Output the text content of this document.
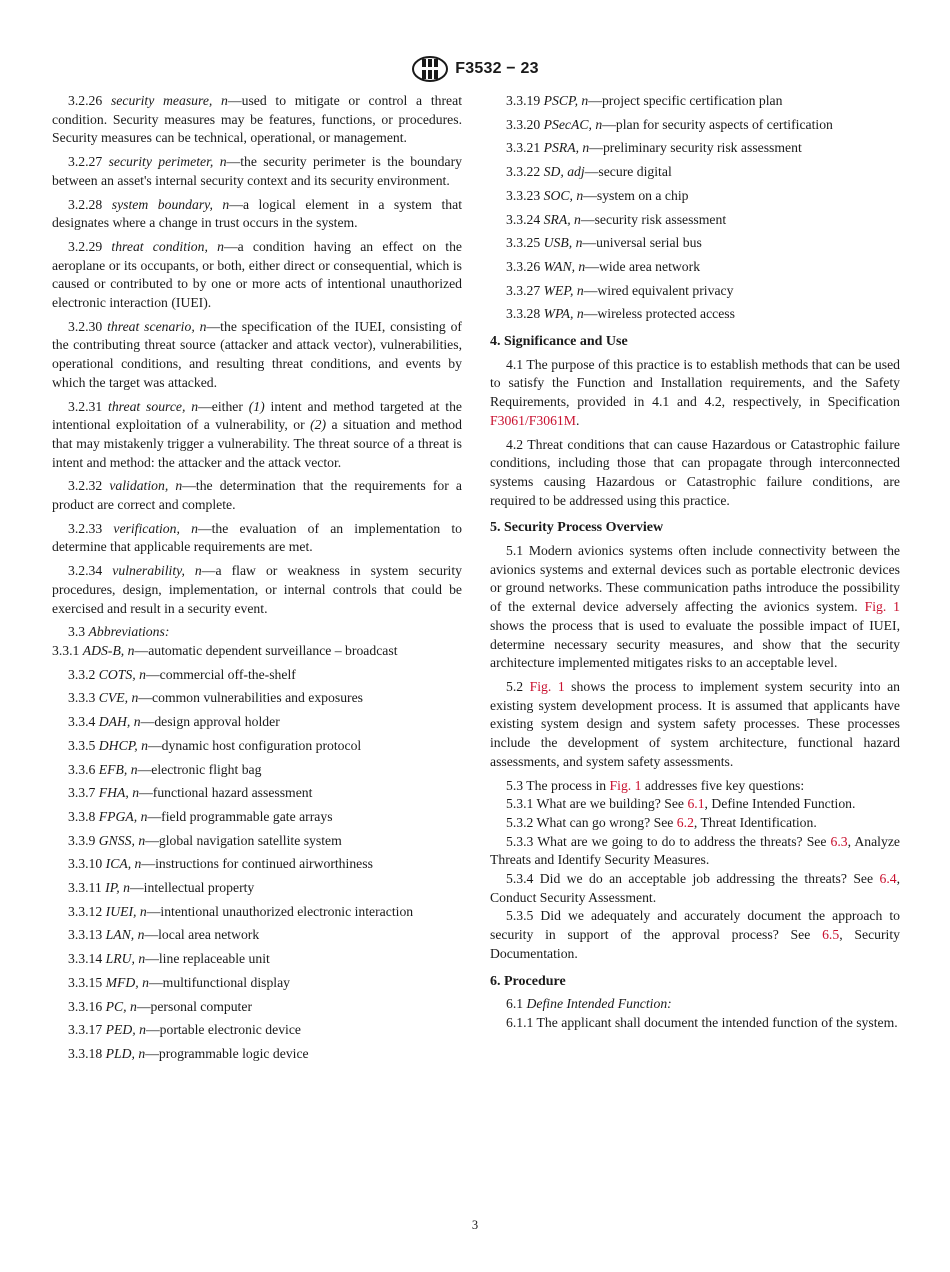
F3532 − 23

3.2.26 security measure, n—used to mitigate or control a threat condition. Security measures may be features, functions, or procedures. Security measures can be technical, operational, or management.

3.2.27 security perimeter, n—the security perimeter is the boundary between an asset's internal security context and its security environment.

3.2.28 system boundary, n—a logical element in a system that designates where a change in trust occurs in the system.

3.2.29 threat condition, n—a condition having an effect on the aeroplane or its occupants, or both, either direct or consequential, which is caused or contributed to by one or more acts of intentional unauthorized electronic interaction (IUEI).

3.2.30 threat scenario, n—the specification of the IUEI, consisting of the contributing threat source (attacker and attack vector), vulnerabilities, operational conditions, and resulting threat conditions, and events by which the target was attacked.

3.2.31 threat source, n—either (1) intent and method targeted at the intentional exploitation of a vulnerability, or (2) a situation and method that may mistakenly trigger a vulnerability. The threat source of a threat is intent and method: the attacker and the attack vector.

3.2.32 validation, n—the determination that the requirements for a product are correct and complete.

3.2.33 verification, n—the evaluation of an implementation to determine that applicable requirements are met.

3.2.34 vulnerability, n—a flaw or weakness in system security procedures, design, implementation, or internal controls that could be exercised and result in a security event.

3.3 Abbreviations:

3.3.1 ADS-B, n—automatic dependent surveillance – broadcast

3.3.2 COTS, n—commercial off-the-shelf

3.3.3 CVE, n—common vulnerabilities and exposures

3.3.4 DAH, n—design approval holder

3.3.5 DHCP, n—dynamic host configuration protocol

3.3.6 EFB, n—electronic flight bag

3.3.7 FHA, n—functional hazard assessment

3.3.8 FPGA, n—field programmable gate arrays

3.3.9 GNSS, n—global navigation satellite system

3.3.10 ICA, n—instructions for continued airworthiness

3.3.11 IP, n—intellectual property

3.3.12 IUEI, n—intentional unauthorized electronic interaction

3.3.13 LAN, n—local area network

3.3.14 LRU, n—line replaceable unit

3.3.15 MFD, n—multifunctional display

3.3.16 PC, n—personal computer

3.3.17 PED, n—portable electronic device

3.3.18 PLD, n—programmable logic device

3.3.19 PSCP, n—project specific certification plan

3.3.20 PSecAC, n—plan for security aspects of certification

3.3.21 PSRA, n—preliminary security risk assessment

3.3.22 SD, adj—secure digital

3.3.23 SOC, n—system on a chip

3.3.24 SRA, n—security risk assessment

3.3.25 USB, n—universal serial bus

3.3.26 WAN, n—wide area network

3.3.27 WEP, n—wired equivalent privacy

3.3.28 WPA, n—wireless protected access

4. Significance and Use

4.1 The purpose of this practice is to establish methods that can be used to satisfy the Function and Installation requirements, and the Safety Requirements, provided in 4.1 and 4.2, respectively, in Specification F3061/F3061M.

4.2 Threat conditions that can cause Hazardous or Catastrophic failure conditions, including those that can propagate through interconnected systems causing Hazardous or Catastrophic failure conditions, are required to be addressed using this practice.

5. Security Process Overview

5.1 Modern avionics systems often include connectivity between the avionics systems and external devices such as portable electronic devices or ground networks. These communication paths introduce the possibility of the external device adversely affecting the avionics system. Fig. 1 shows the process that is used to evaluate the possible impact of IUEI, determine necessary security measures, and show that the security architecture implemented mitigates risks to an acceptable level.

5.2 Fig. 1 shows the process to implement system security into an existing system development process. It is assumed that applicants have existing system design and system safety processes. These processes include the development of system architecture, functional hazard assessments, and system safety assessments.

5.3 The process in Fig. 1 addresses five key questions:

5.3.1 What are we building? See 6.1, Define Intended Function.

5.3.2 What can go wrong? See 6.2, Threat Identification.

5.3.3 What are we going to do to address the threats? See 6.3, Analyze Threats and Identify Security Measures.

5.3.4 Did we do an acceptable job addressing the threats? See 6.4, Conduct Security Assessment.

5.3.5 Did we adequately and accurately document the approach to security in support of the approval process? See 6.5, Security Documentation.

6. Procedure

6.1 Define Intended Function:

6.1.1 The applicant shall document the intended function of the system.

3
